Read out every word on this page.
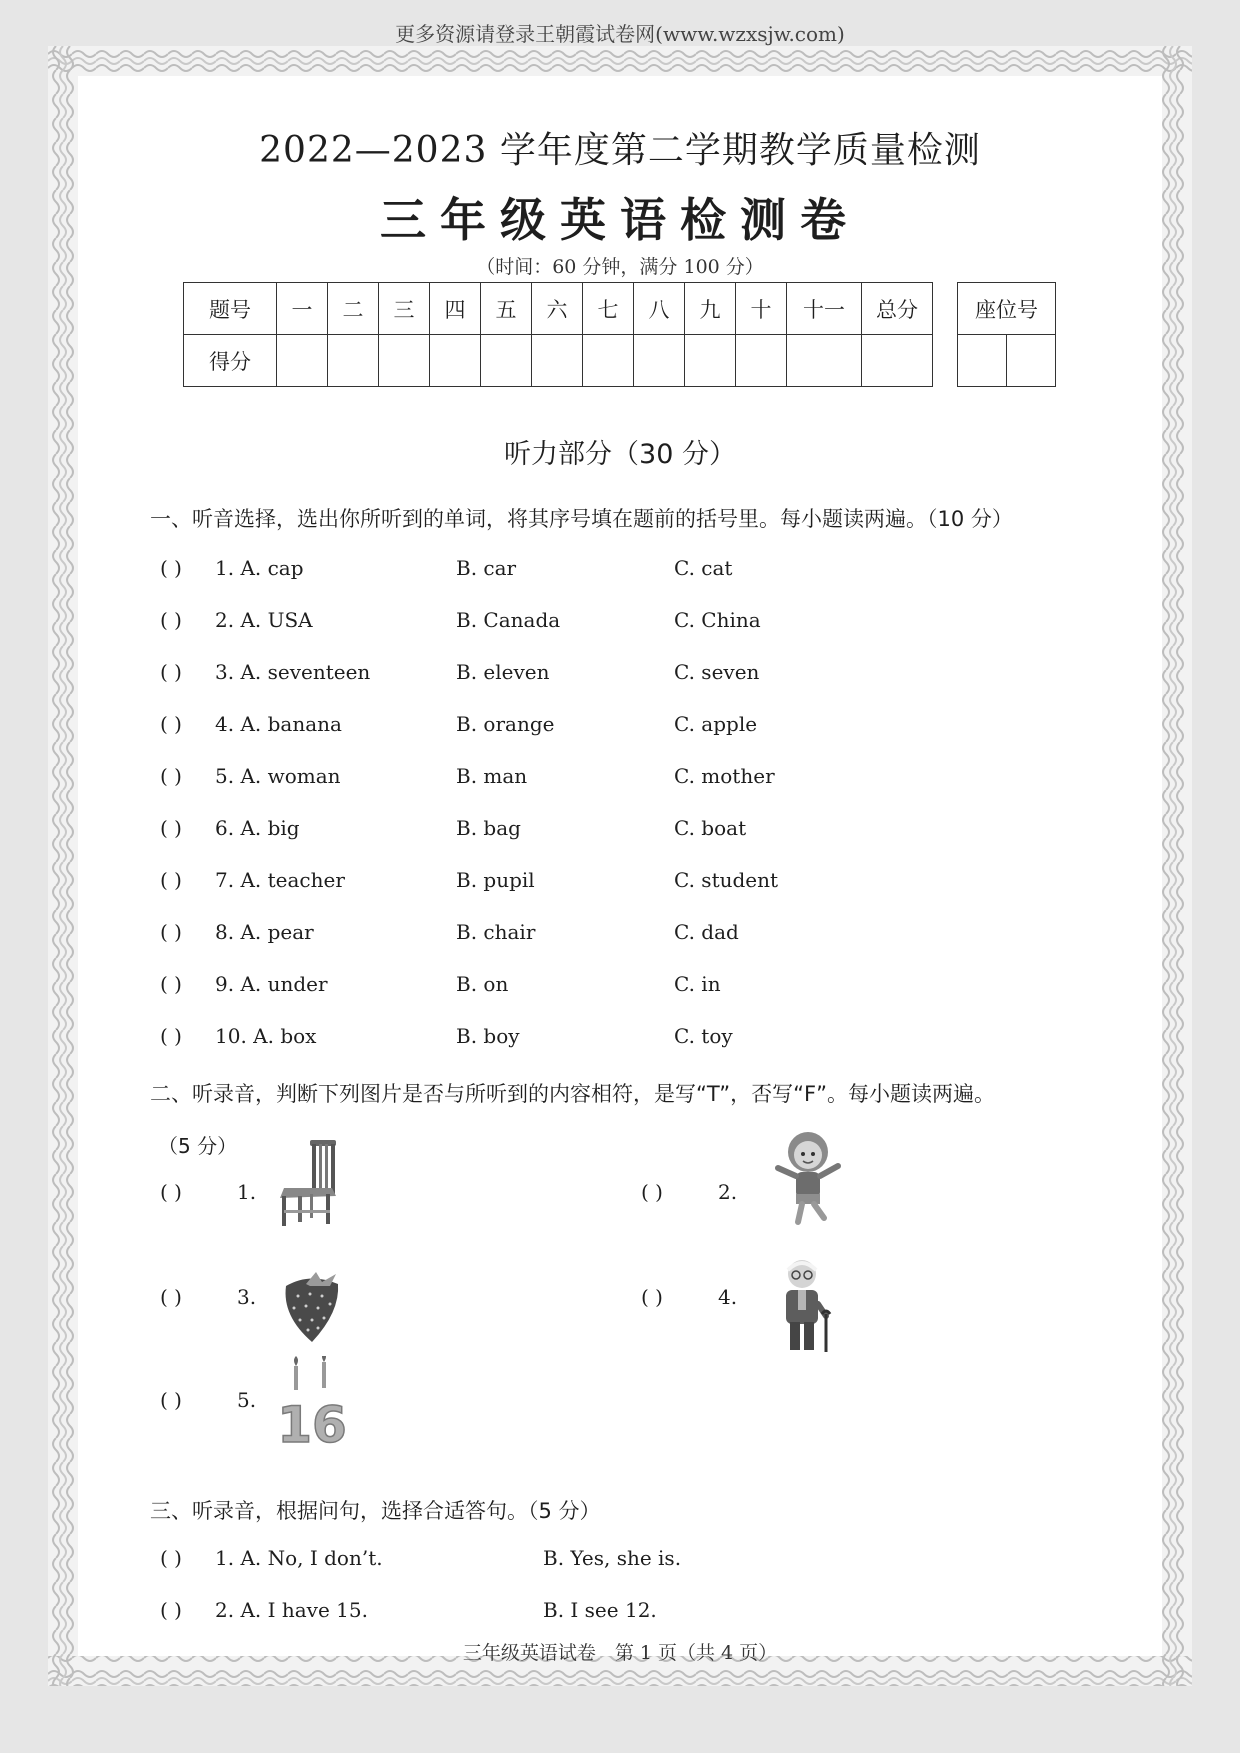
更多资源请登录王朝霞试卷网(www.wzxsjw.com)
2022—2023 学年度第二学期教学质量检测
三年级英语检测卷
（时间：60 分钟，满分 100 分）
题号	一	二	三	四	五	六	七	八	九	十	十一	总分
得分												
座位号

听力部分（30 分）
一、听音选择，选出你所听到的单词，将其序号填在题前的括号里。每小题读两遍。（10 分）
( ) 1. A. cap	B. car	C. cat
( ) 2. A. USA	B. Canada	C. China
( ) 3. A. seventeen	B. eleven	C. seven
( ) 4. A. banana	B. orange	C. apple
( ) 5. A. woman	B. man	C. mother
( ) 6. A. big	B. bag	C. boat
( ) 7. A. teacher	B. pupil	C. student
( ) 8. A. pear	B. chair	C. dad
( ) 9. A. under	B. on	C. in
( ) 10. A. box	B. boy	C. toy
二、听录音，判断下列图片是否与所听到的内容相符，是写“T”，否写“F”。每小题读两遍。
（5 分）
( )	1.	( )	2.
( )	3.	( )	4.
( )	5. 16
三、听录音，根据问句，选择合适答句。（5 分）
( ) 1. A. No, I don’t.	B. Yes, she is.
( ) 2. A. I have 15.	B. I see 12.
三年级英语试卷　第 1 页（共 4 页）
